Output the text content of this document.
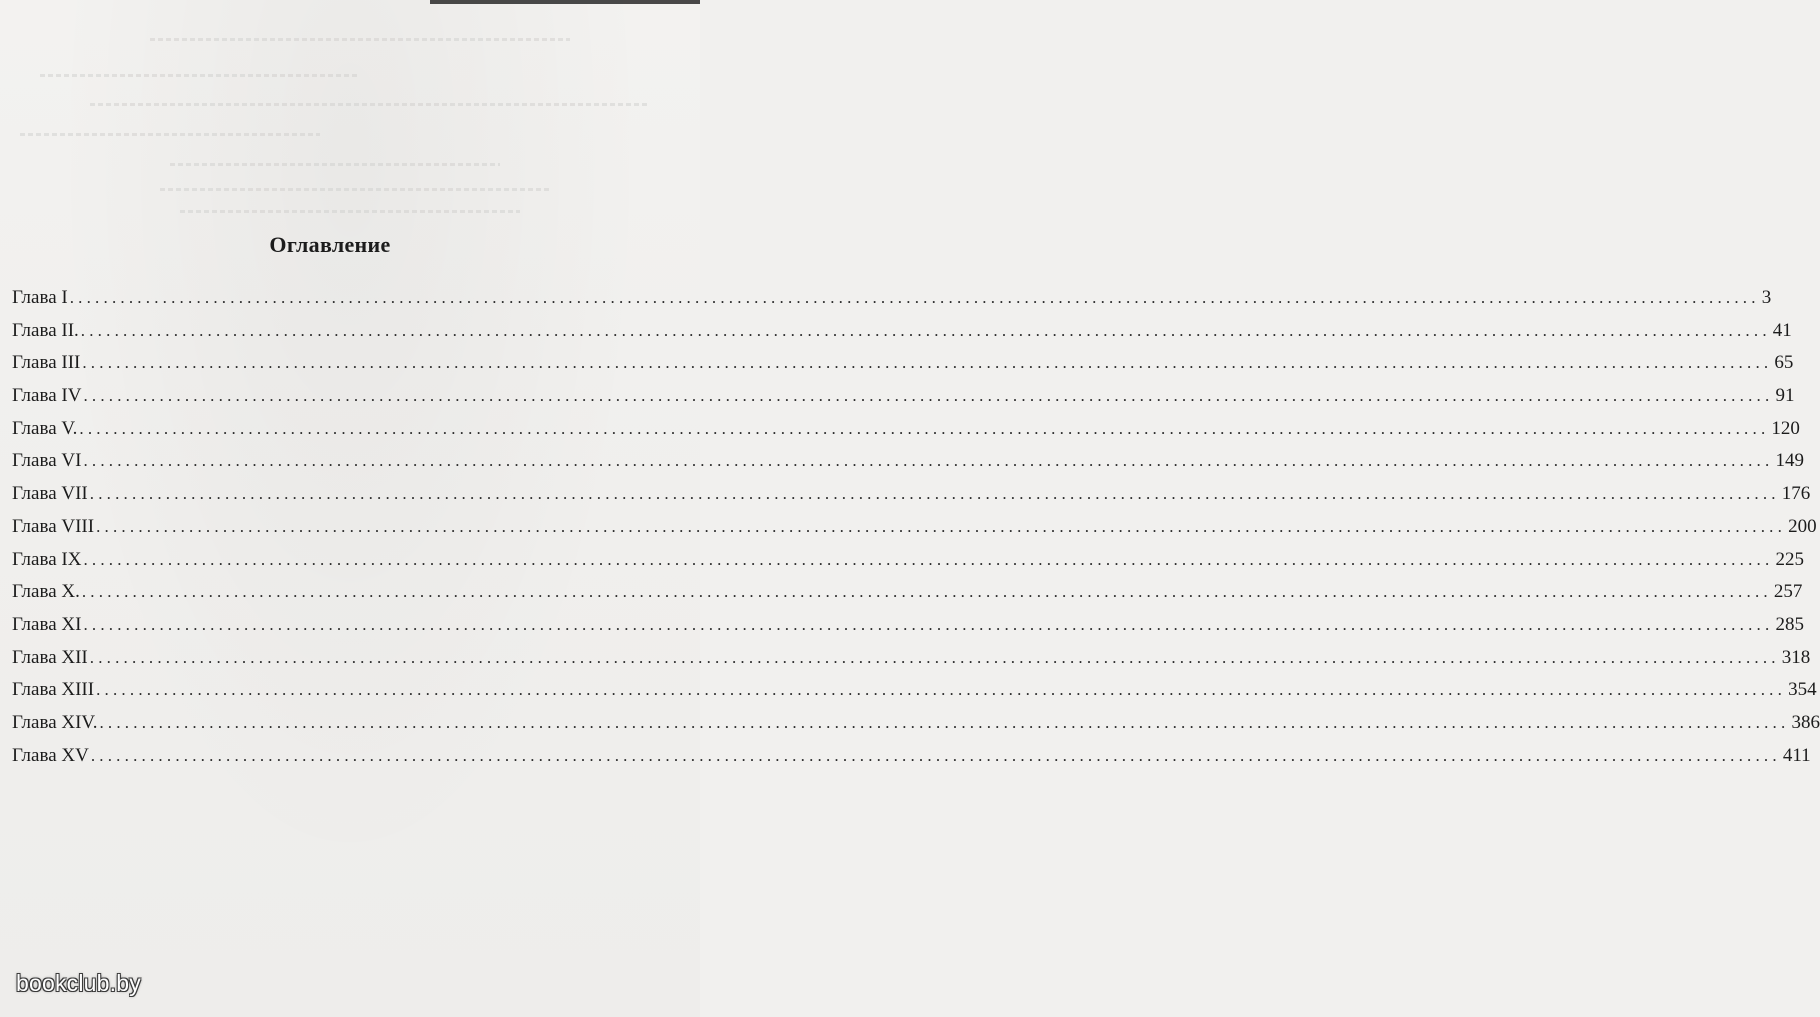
Оглавление
Глава I ........................................................................................................................................................................................................ 3
Глава II. ........................................................................................................................................................................................................ 41
Глава III ........................................................................................................................................................................................................ 65
Глава IV ........................................................................................................................................................................................................ 91
Глава V. ........................................................................................................................................................................................................ 120
Глава VI ........................................................................................................................................................................................................ 149
Глава VII ........................................................................................................................................................................................................ 176
Глава VIII ........................................................................................................................................................................................................ 200
Глава IX ........................................................................................................................................................................................................ 225
Глава X. ........................................................................................................................................................................................................ 257
Глава XI ........................................................................................................................................................................................................ 285
Глава XII ........................................................................................................................................................................................................ 318
Глава XIII ........................................................................................................................................................................................................ 354
Глава XIV. ........................................................................................................................................................................................................ 386
Глава XV ........................................................................................................................................................................................................ 411
bookclub.by
